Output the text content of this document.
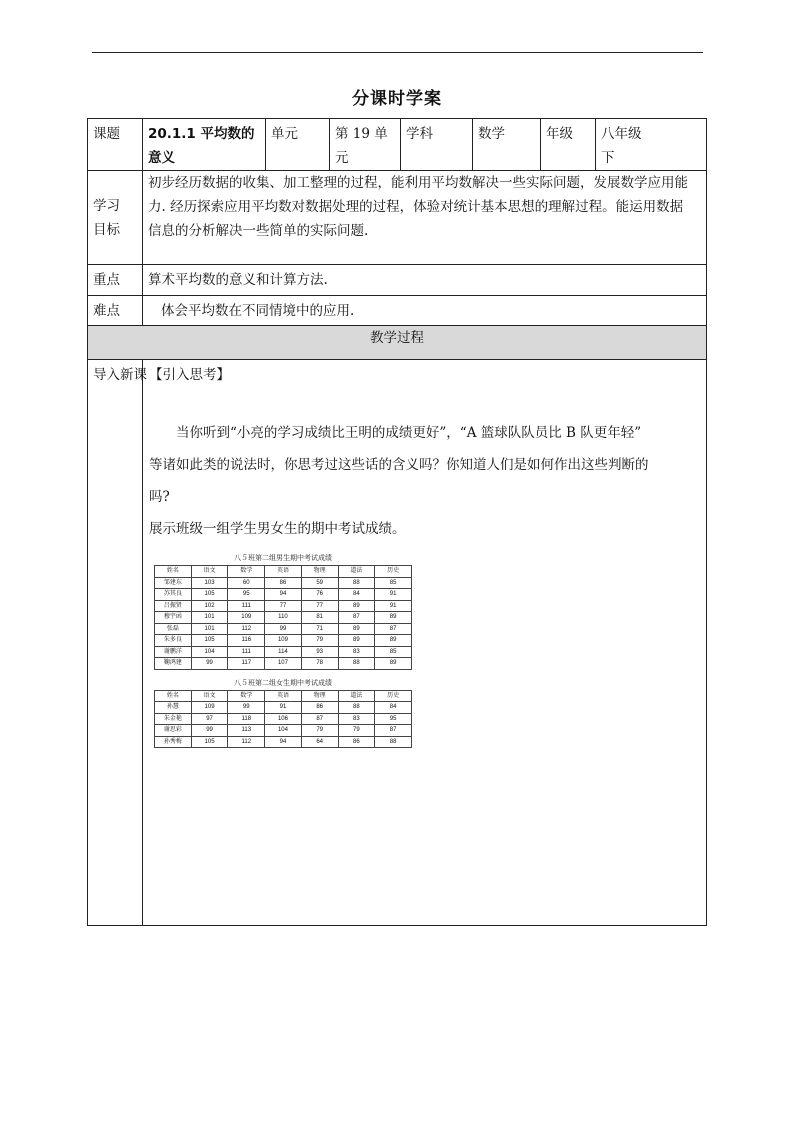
分课时学案
课题	20.1.1 平均数的意义	单元	第 19 单
元
	学科	数学	年级	八年级
下

学习
目标

初步经历数据的收集、加工整理的过程，能利用平均数解决一些实际问题，发展数学应用能
力. 经历探索应用平均数对数据处理的过程，体验对统计基本思想的理解过程。能运用数据
信息的分析解决一些简单的实际问题.

重点	算术平均数的意义和计算方法.
难点	体会平均数在不同情境中的应用.
教学过程

导入新课	【引入思考】
当你听到“小亮的学习成绩比王明的成绩更好”，“A 篮球队队员比 B 队更年轻”
等诸如此类的说法时，你思考过这些话的含义吗？你知道人们是如何作出这些判断的
吗?
展示班级一组学生男女生的期中考试成绩。
八５班第二组男生期中考试成绩
姓名	语文	数学	英语	物理	道法	历史
邹建东	103	60	86	59	88	85
苏其良	105	95	94	76	84	91
吕振贤	102	111	77	77	89	91
穆宇函	101	109	110	81	87	89
张磊	101	112	99	71	89	87
朱多良	105	116	109	79	89	89
谢鹏洋	104	111	114	93	83	85
鞠鸿建	99	117	107	78	88	89
八５班第二组女生期中考试成绩
姓名	语文	数学	英语	物理	道法	历史
孙慧	109	99	91	86	88	84
朱金艳	97	118	106	87	83	95
谢思彩	99	113	104	79	79	87
孙秀梅	105	112	94	64	86	88
